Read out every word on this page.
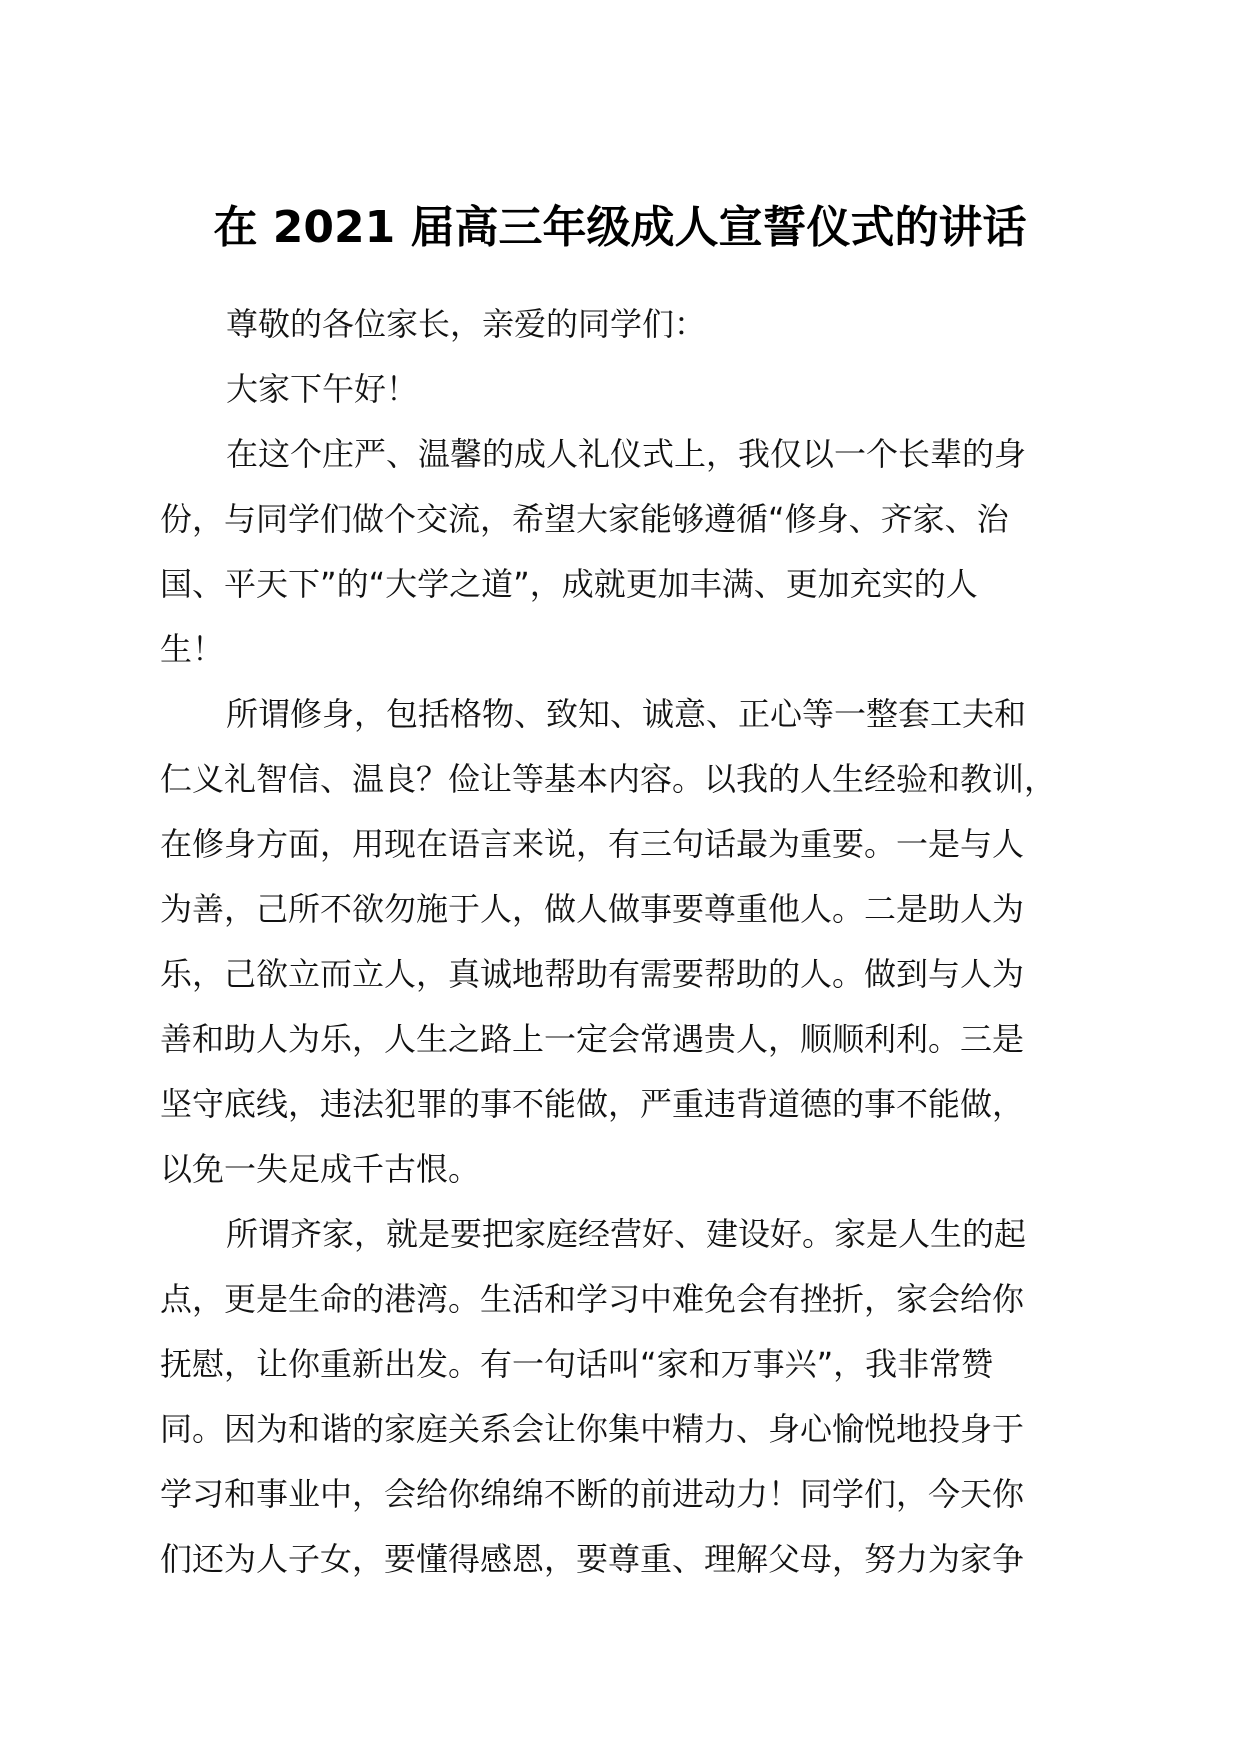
在 2021 届高三年级成人宣誓仪式的讲话
尊敬的各位家长，亲爱的同学们：
大家下午好！
在这个庄严、温馨的成人礼仪式上，我仅以一个长辈的身
份，与同学们做个交流，希望大家能够遵循“修身、齐家、治
国、平天下”的“大学之道”，成就更加丰满、更加充实的人
生！
所谓修身，包括格物、致知、诚意、正心等一整套工夫和
仁义礼智信、温良？俭让等基本内容。以我的人生经验和教训，
在修身方面，用现在语言来说，有三句话最为重要。一是与人
为善，己所不欲勿施于人，做人做事要尊重他人。二是助人为
乐，己欲立而立人，真诚地帮助有需要帮助的人。做到与人为
善和助人为乐，人生之路上一定会常遇贵人，顺顺利利。三是
坚守底线，违法犯罪的事不能做，严重违背道德的事不能做，
以免一失足成千古恨。
所谓齐家，就是要把家庭经营好、建设好。家是人生的起
点，更是生命的港湾。生活和学习中难免会有挫折，家会给你
抚慰，让你重新出发。有一句话叫“家和万事兴”，我非常赞
同。因为和谐的家庭关系会让你集中精力、身心愉悦地投身于
学习和事业中，会给你绵绵不断的前进动力！同学们，今天你
们还为人子女，要懂得感恩，要尊重、理解父母，努力为家争
